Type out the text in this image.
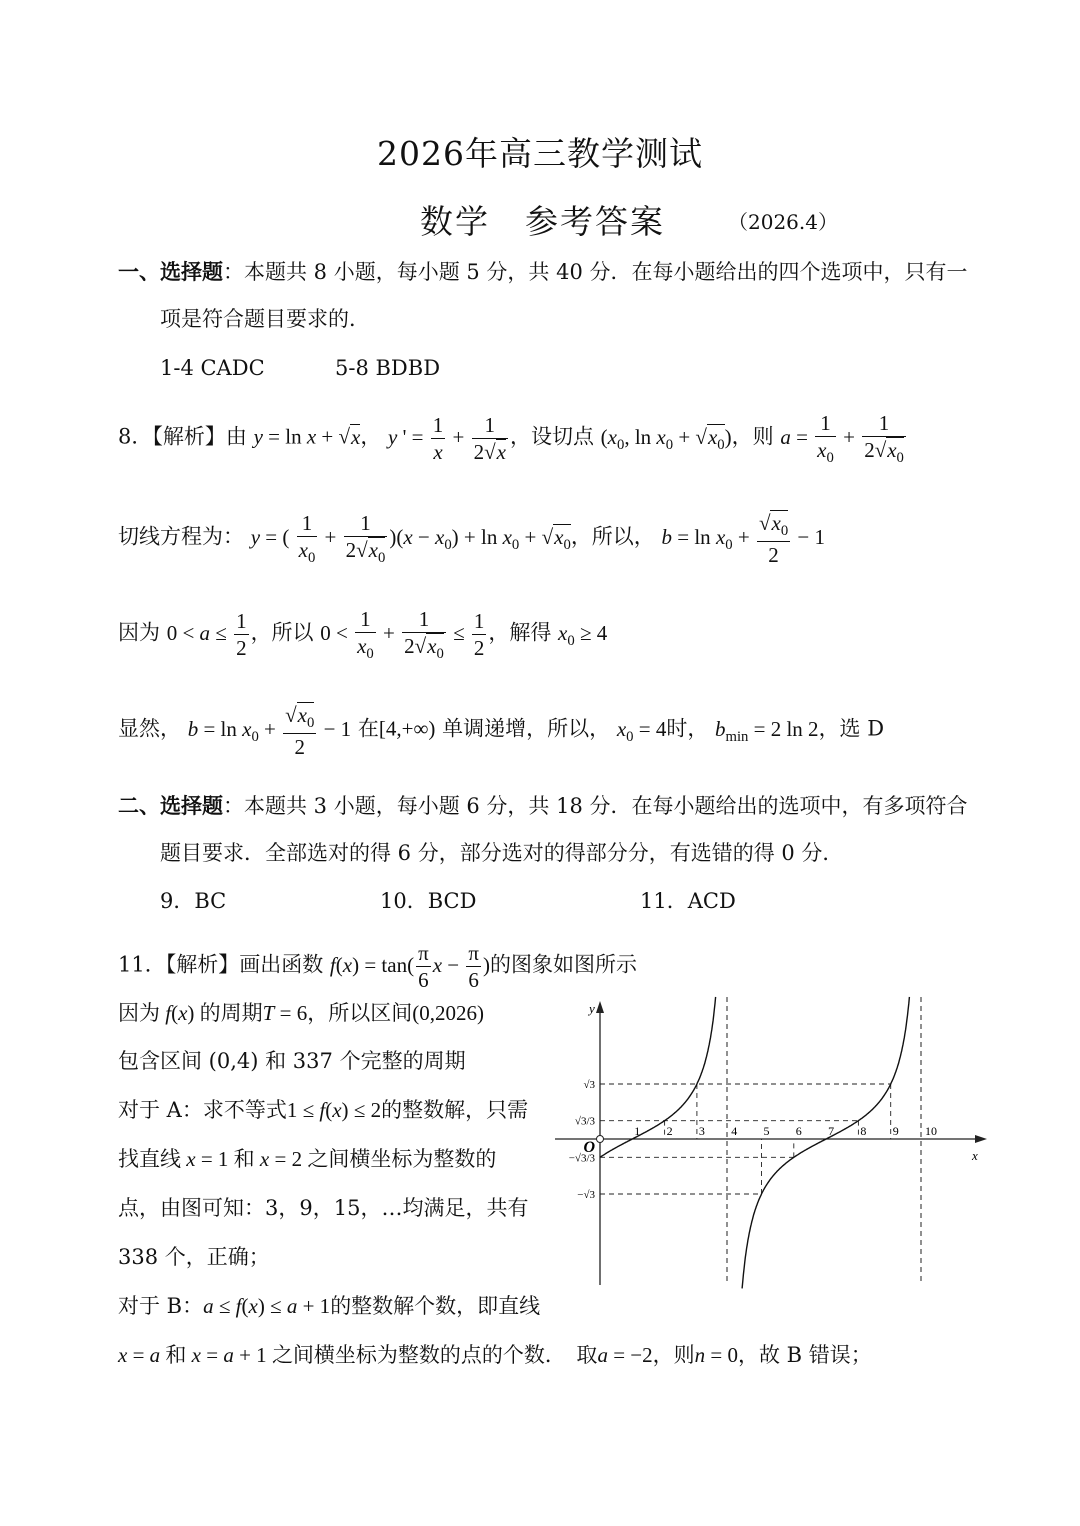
2026年高三教学测试
数学　参考答案	（2026.4）
一、选择题：本题共 8 小题，每小题 5 分，共 40 分．在每小题给出的四个选项中，只有一
项是符合题目要求的．
1-4 CADC	5-8 BDBD
8．【解析】由 y = ln x + √x， y ' = $\frac{1}{x} + \frac{1}{2√x}$ ，设切点 ($x_0$, $\ln x_0 + √x_0$)，则 $a = \frac{1}{x_0} + \frac{1}{2√x_0}$
切线方程为： y = ( $\frac{1}{x_0} + \frac{1}{2√x_0} )(x - x_0) + \ln x_0 + √x_0$，所以， $b = \ln x_0 + \frac{√x_0}{2} - 1$
因为 $0 < a \le \frac{1}{2}$ ，所以 $0 < \frac{1}{x_0} + \frac{1}{2√x_0} \le \frac{1}{2}$ ，解得 $x_0 \ge 4$
显然， $b = \ln x_0 + \frac{√x_0}{2} - 1$ 在[4,+∞) 单调递增，所以， $x_0 = 4$时， $b_{min} = 2$ ln 2，选 D
二、选择题：本题共 3 小题，每小题 6 分，共 18 分．在每小题给出的选项中，有多项符合
题目要求．全部选对的得 6 分，部分选对的得部分分，有选错的得 0 分．
9．BC	10．BCD	11．ACD
11．【解析】画出函数 $f(x) = \tan( \frac{\pi}{6}$ $x - \frac{\pi}{6}$ )的图象如图所示
因为 f(x) 的周期T = 6，所以区间(0,2026)
包含区间 (0,4) 和 337 个完整的周期
对于 A：求不等式1 ≤ f(x) ≤ 2的整数解，只需
找直线 x = 1 和 x = 2 之间横坐标为整数的
点，由图可知：3，9，15，…均满足，共有
338 个，正确；
对于 B：a ≤ f(x) ≤ a + 1的整数解个数，即直线
x = a 和 x = a + 1 之间横坐标为整数的点的个数．　取a = −2，则n = 0，故 B 错误；
O
y
x
1 2 3 4 5 6 7 8 9 10
√3
√3/3
−√3/3
−√3
